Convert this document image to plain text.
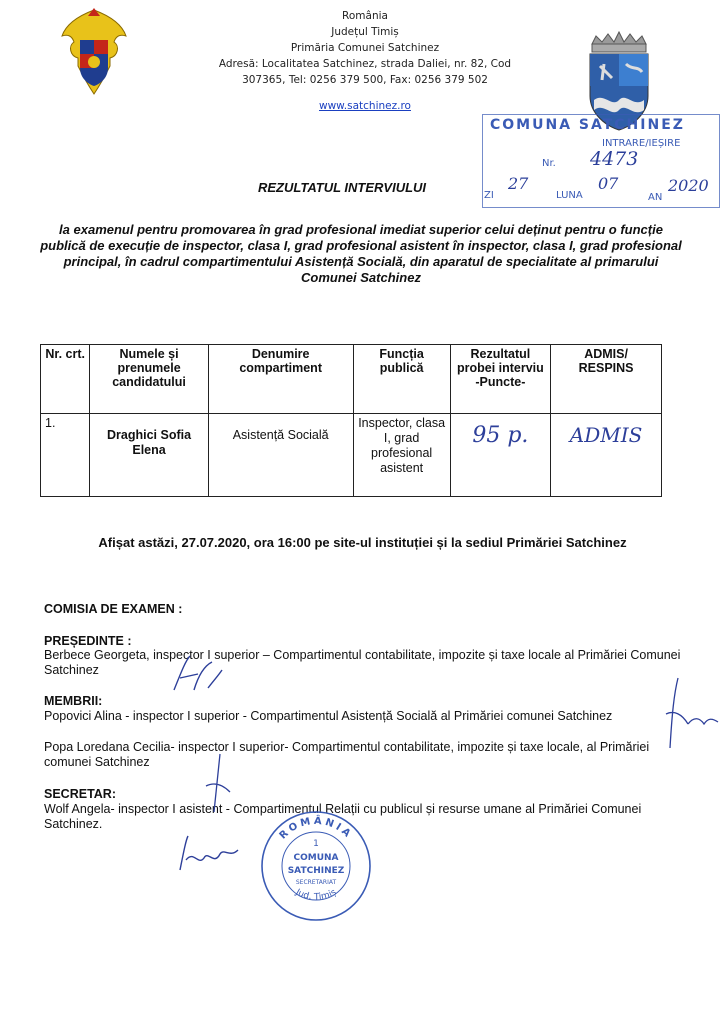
România
Județul Timiș
Primăria Comunei Satchinez
Adresă: Localitatea Satchinez, strada Daliei, nr. 82, Cod
307365, Tel: 0256 379 500, Fax: 0256 379 502
www.satchinez.ro
COMUNA SATCHINEZ
INTRARE/IEȘIRE
Nr. 4473
ZI
27
LUNA
07
AN
2020
REZULTATUL INTERVIULUI
la examenul pentru promovarea în grad profesional imediat superior celui deținut pentru o funcție publică de execuție de inspector, clasa I, grad profesional asistent în inspector, clasa I, grad profesional principal, în cadrul compartimentului Asistență Socială, din aparatul de specialitate al primarului Comunei Satchinez
Nr. crt.	Numele și prenumele candidatului	Denumire compartiment	Funcția publică	Rezultatul probei interviu -Puncte-	ADMIS/ RESPINS
1.	Draghici Sofia Elena	Asistență Socială	Inspector, clasa I, grad profesional asistent	95 p.	ADMIS
Afișat astăzi, 27.07.2020, ora 16:00 pe site-ul instituției și la sediul Primăriei Satchinez
COMISIA DE EXAMEN :
PREȘEDINTE :
Berbece Georgeta, inspector I superior – Compartimentul contabilitate, impozite și taxe locale al Primăriei Comunei Satchinez
MEMBRII:
Popovici Alina - inspector I superior - Compartimentul Asistență Socială al Primăriei comunei Satchinez
Popa Loredana Cecilia- inspector I superior- Compartimentul contabilitate, impozite și taxe locale, al Primăriei comunei Satchinez
SECRETAR:
Wolf Angela- inspector I asistent - Compartimentul Relații cu publicul și resurse umane al Primăriei Comunei Satchinez.
ROMÂNIA
Jud. Timiș
1
COMUNA
SATCHINEZ
SECRETARIAT
